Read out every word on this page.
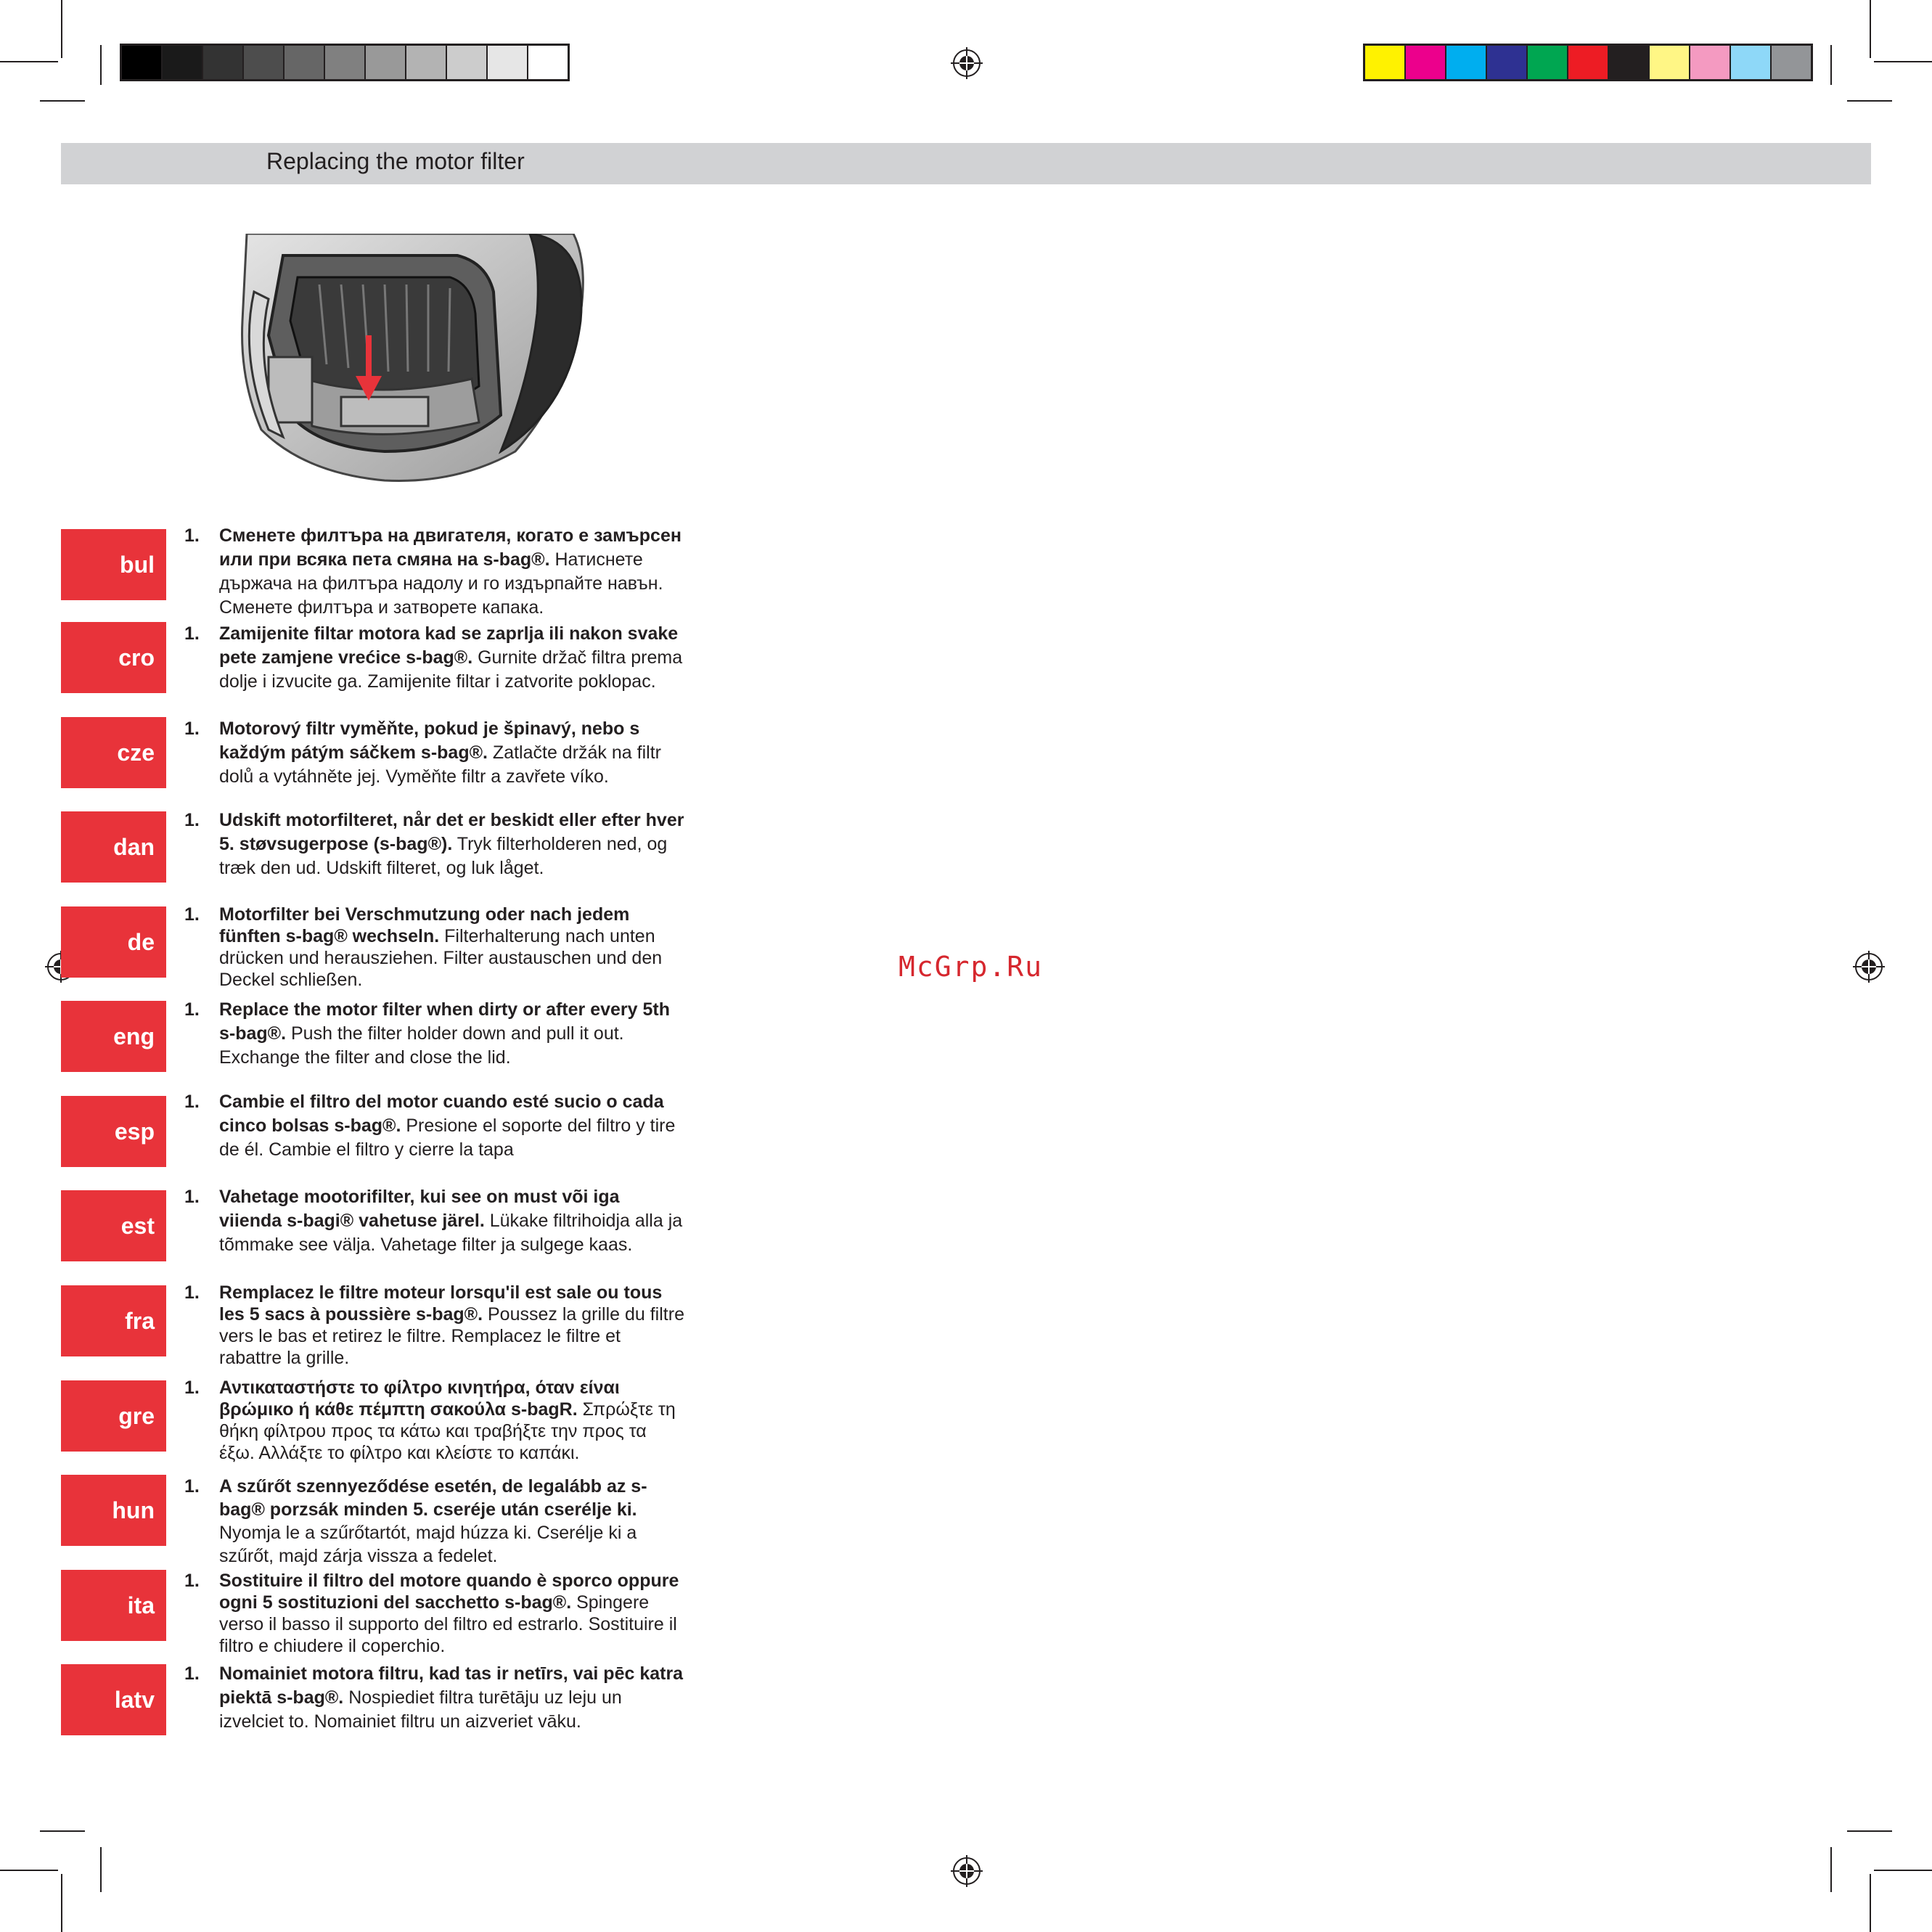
Replacing the motor filter
bul
cro
cze
dan
de
eng
esp
est
fra
gre
hun
ita
latv
1. Сменете филтъра на двигателя, когато е замърсен или при всяка пета смяна на s-bag®. Натиснете държача на филтъра надолу и го издърпайте навън. Сменете филтъра и затворете капака.
1. Zamijenite filtar motora kad se zaprlja ili nakon svake pete zamjene vrećice s-bag®. Gurnite držač filtra prema dolje i izvucite ga. Zamijenite filtar i zatvorite poklopac.
1. Motorový filtr vyměňte, pokud je špinavý, nebo s každým pátým sáčkem s-bag®. Zatlačte držák na filtr dolů a vytáhněte jej. Vyměňte filtr a zavřete víko.
1. Udskift motorfilteret, når det er beskidt eller efter hver 5. støvsugerpose (s-bag®). Tryk filterholderen ned, og træk den ud. Udskift filteret, og luk låget.
1. Motorfilter bei Verschmutzung oder nach jedem fünften s-bag® wechseln. Filterhalterung nach unten drücken und herausziehen. Filter austauschen und den Deckel schließen.
1. Replace the motor filter when dirty or after every 5th s-bag®. Push the filter holder down and pull it out. Exchange the filter and close the lid.
1. Cambie el filtro del motor cuando esté sucio o cada cinco bolsas s-bag®. Presione el soporte del filtro y tire de él. Cambie el filtro y cierre la tapa
1. Vahetage mootorifilter, kui see on must või iga viienda s-bagi® vahetuse järel. Lükake filtrihoidja alla ja tõmmake see välja. Vahetage filter ja sulgege kaas.
1. Remplacez le filtre moteur lorsqu'il est sale ou tous les 5 sacs à poussière s-bag®. Poussez la grille du filtre vers le bas et retirez le filtre. Remplacez le filtre et rabattre la grille.
1. Αντικαταστήστε το φίλτρο κινητήρα, όταν είναι βρώμικο ή κάθε πέμπτη σακούλα s-bagR. Σπρώξτε τη θήκη φίλτρου προς τα κάτω και τραβήξτε την προς τα έξω. Αλλάξτε το φίλτρο και κλείστε το καπάκι.
1. A szűrőt szennyeződése esetén, de legalább az s-bag® porzsák minden 5. cseréje után cserélje ki. Nyomja le a szűrőtartót, majd húzza ki. Cserélje ki a szűrőt, majd zárja vissza a fedelet.
1. Sostituire il filtro del motore quando è sporco oppure ogni 5 sostituzioni del sacchetto s-bag®. Spingere verso il basso il supporto del filtro ed estrarlo. Sostituire il filtro e chiudere il coperchio.
1. Nomainiet motora filtru, kad tas ir netīrs, vai pēc katra piektā s-bag®. Nospiediet filtra turētāju uz leju un izvelciet to. Nomainiet filtru un aizveriet vāku.
McGrp.Ru
